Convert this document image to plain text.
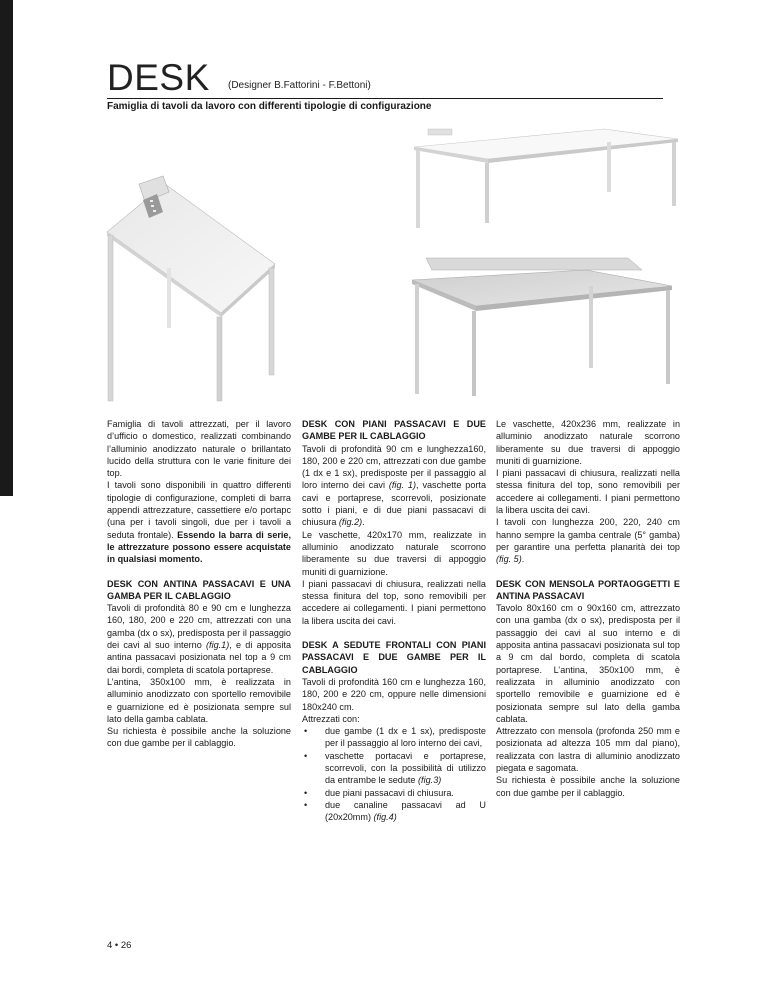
DESK (Designer B.Fattorini - F.Bettoni)
Famiglia di tavoli da lavoro con differenti tipologie di configurazione

Famiglia di tavoli attrezzati, per il lavoro d’ufficio o domestico, realizzati combinando l’alluminio anodizzato naturale o brillantato lucido della struttura con le varie finiture dei top.

I tavoli sono disponibili in quattro differenti tipologie di configurazione, completi di barra appendi attrezzature, cassettiere e/o portapc (una per i tavoli singoli, due per i tavoli a seduta frontale). Essendo la barra di serie, le attrezzature possono essere acquistate in qualsiasi momento.

DESK CON ANTINA PASSACAVI E UNA GAMBA PER IL CABLAGGIO

Tavoli di profondità 80 e 90 cm e lunghezza 160, 180, 200 e 220 cm, attrezzati con una gamba (dx o sx), predisposta per il passaggio dei cavi al suo interno (fig.1), e di apposita antina passacavi posizionata nel top a 9 cm dai bordi, completa di scatola portaprese.

L’antina, 350x100 mm, è realizzata in alluminio anodizzato con sportello removibile e guarnizione ed è posizionata sempre sul lato della gamba cablata.

Su richiesta è possibile anche la soluzione con due gambe per il cablaggio.

DESK CON PIANI PASSACAVI E DUE GAMBE PER IL CABLAGGIO

Tavoli di profondità 90 cm e lunghezza160, 180, 200 e 220 cm, attrezzati con due gambe (1 dx e 1 sx), predisposte per il passaggio al loro interno dei cavi (fig. 1), vaschette porta cavi e portaprese, scorrevoli, posizionate sotto i piani, e di due piani passacavi di chiusura (fig.2).

Le vaschette, 420x170 mm, realizzate in alluminio anodizzato naturale scorrono liberamente su due traversi di appoggio muniti di guarnizione.

I piani passacavi di chiusura, realizzati nella stessa finitura del top, sono removibili per accedere ai collegamenti. I piani permettono la libera uscita dei cavi.

DESK A SEDUTE FRONTALI CON PIANI PASSACAVI E DUE GAMBE PER IL CABLAGGIO

Tavoli di profondità 160 cm e lunghezza 160, 180, 200 e 220 cm, oppure nelle dimensioni 180x240 cm.

Attrezzati con:

• due gambe (1 dx e 1 sx), predisposte per il passaggio al loro interno dei cavi,
• vaschette portacavi e portaprese, scorrevoli, con la possibilità di utilizzo da entrambe le sedute (fig.3)
• due piani passacavi di chiusura.
• due canaline passacavi ad U (20x20mm) (fig.4)

Le vaschette, 420x236 mm, realizzate in alluminio anodizzato naturale scorrono liberamente su due traversi di appoggio muniti di guarnizione.

I piani passacavi di chiusura, realizzati nella stessa finitura del top, sono removibili per accedere ai collegamenti. I piani permettono la libera uscita dei cavi.

I tavoli con lunghezza 200, 220, 240 cm hanno sempre la gamba centrale (5° gamba) per garantire una perfetta planarità dei top (fig. 5).

DESK CON MENSOLA PORTAOGGETTI E ANTINA PASSACAVI

Tavolo 80x160 cm o 90x160 cm, attrezzato con una gamba (dx o sx), predisposta per il passaggio dei cavi al suo interno e di apposita antina passacavi posizionata sul top a 9 cm dal bordo, completa di scatola portaprese. L’antina, 350x100 mm, è realizzata in alluminio anodizzato con sportello removibile e guarnizione ed è posizionata sempre sul lato della gamba cablata.

Attrezzato con mensola (profonda 250 mm e posizionata ad altezza 105 mm dal piano), realizzata con lastra di alluminio anodizzato piegata e sagomata.

Su richiesta è possibile anche la soluzione con due gambe per il cablaggio.

4 • 26
